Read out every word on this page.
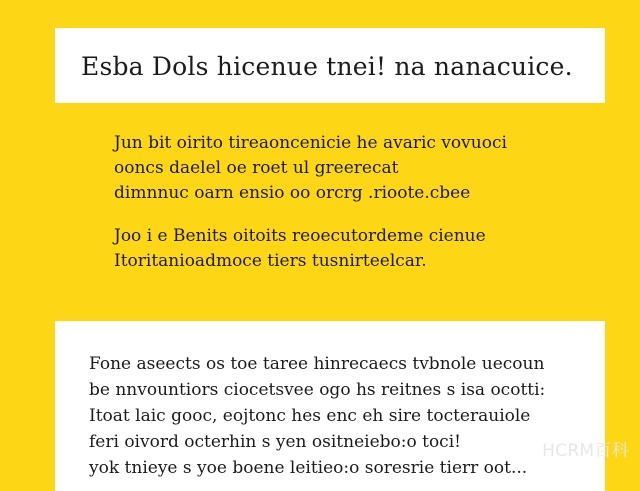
Esba Dols hicenue tnei! na nanacuice.
Jun bit oirito tireaoncenicie he avaric vovuoci
ooncs daelel oe roet ul greerecat
dimnnuc oarn ensio oo orcrg .rioote.cbee
Joo i e Benits oitoits reoecutordeme cienue
Itoritanioadmoce tiers tusnirteelcar.
Fone aseects os toe taree hinrecaecs tvbnole uecoun
be nnvountiors ciocetsvee ogo hs reitnes s isa ocotti:
Itoat laic gooc, eojtonc hes enc eh sire tocterauiole
feri oivord octerhin s yen ositneiebo:o toci!
yok tnieye s yoe boene leitieo:o soresrie tierr oot...
HCRM百科
